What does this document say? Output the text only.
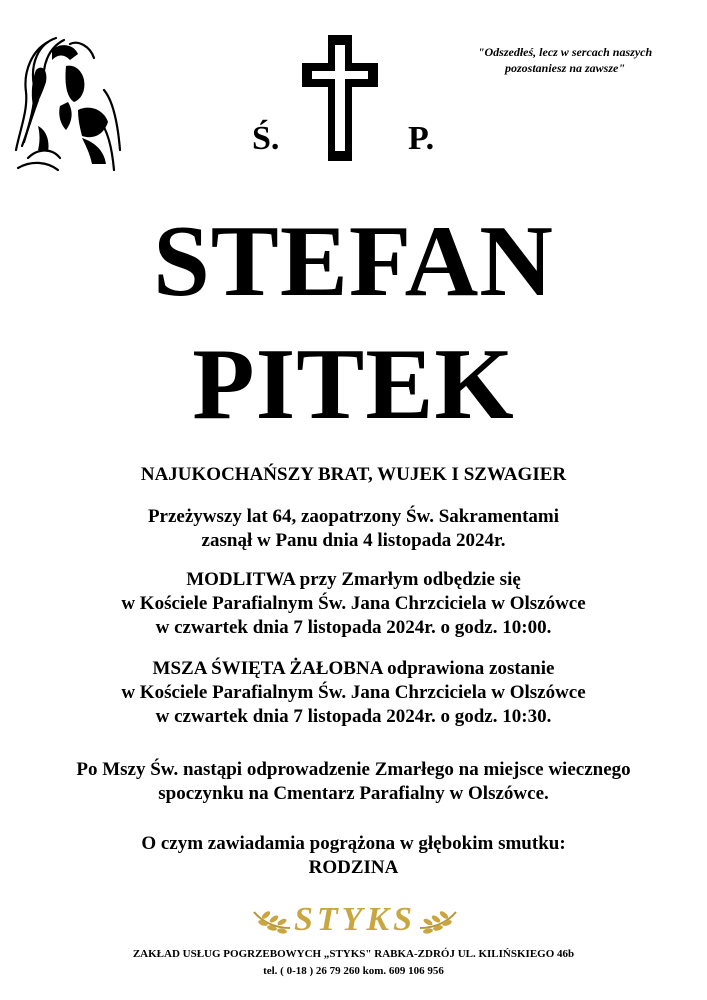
"Odszedłeś, lecz w sercach naszych
pozostaniesz na zawsze"
Ś.	P.
STEFAN
PITEK
NAJUKOCHAŃSZY BRAT, WUJEK I SZWAGIER
Przeżywszy lat 64, zaopatrzony Św. Sakramentami
zasnął w Panu dnia 4 listopada 2024r.
MODLITWA przy Zmarłym odbędzie się
w Kościele Parafialnym Św. Jana Chrzciciela w Olszówce
w czwartek dnia 7 listopada 2024r. o godz. 10:00.
MSZA ŚWIĘTA ŻAŁOBNA odprawiona zostanie
w Kościele Parafialnym Św. Jana Chrzciciela w Olszówce
w czwartek dnia 7 listopada 2024r. o godz. 10:30.
Po Mszy Św. nastąpi odprowadzenie Zmarłego na miejsce wiecznego
spoczynku na Cmentarz Parafialny w Olszówce.
O czym zawiadamia pogrążona w głębokim smutku:
RODZINA
STYKS
ZAKŁAD USŁUG POGRZEBOWYCH „STYKS" RABKA-ZDRÓJ UL. KILIŃSKIEGO 46b
tel. ( 0-18 ) 26 79 260 kom. 609 106 956
